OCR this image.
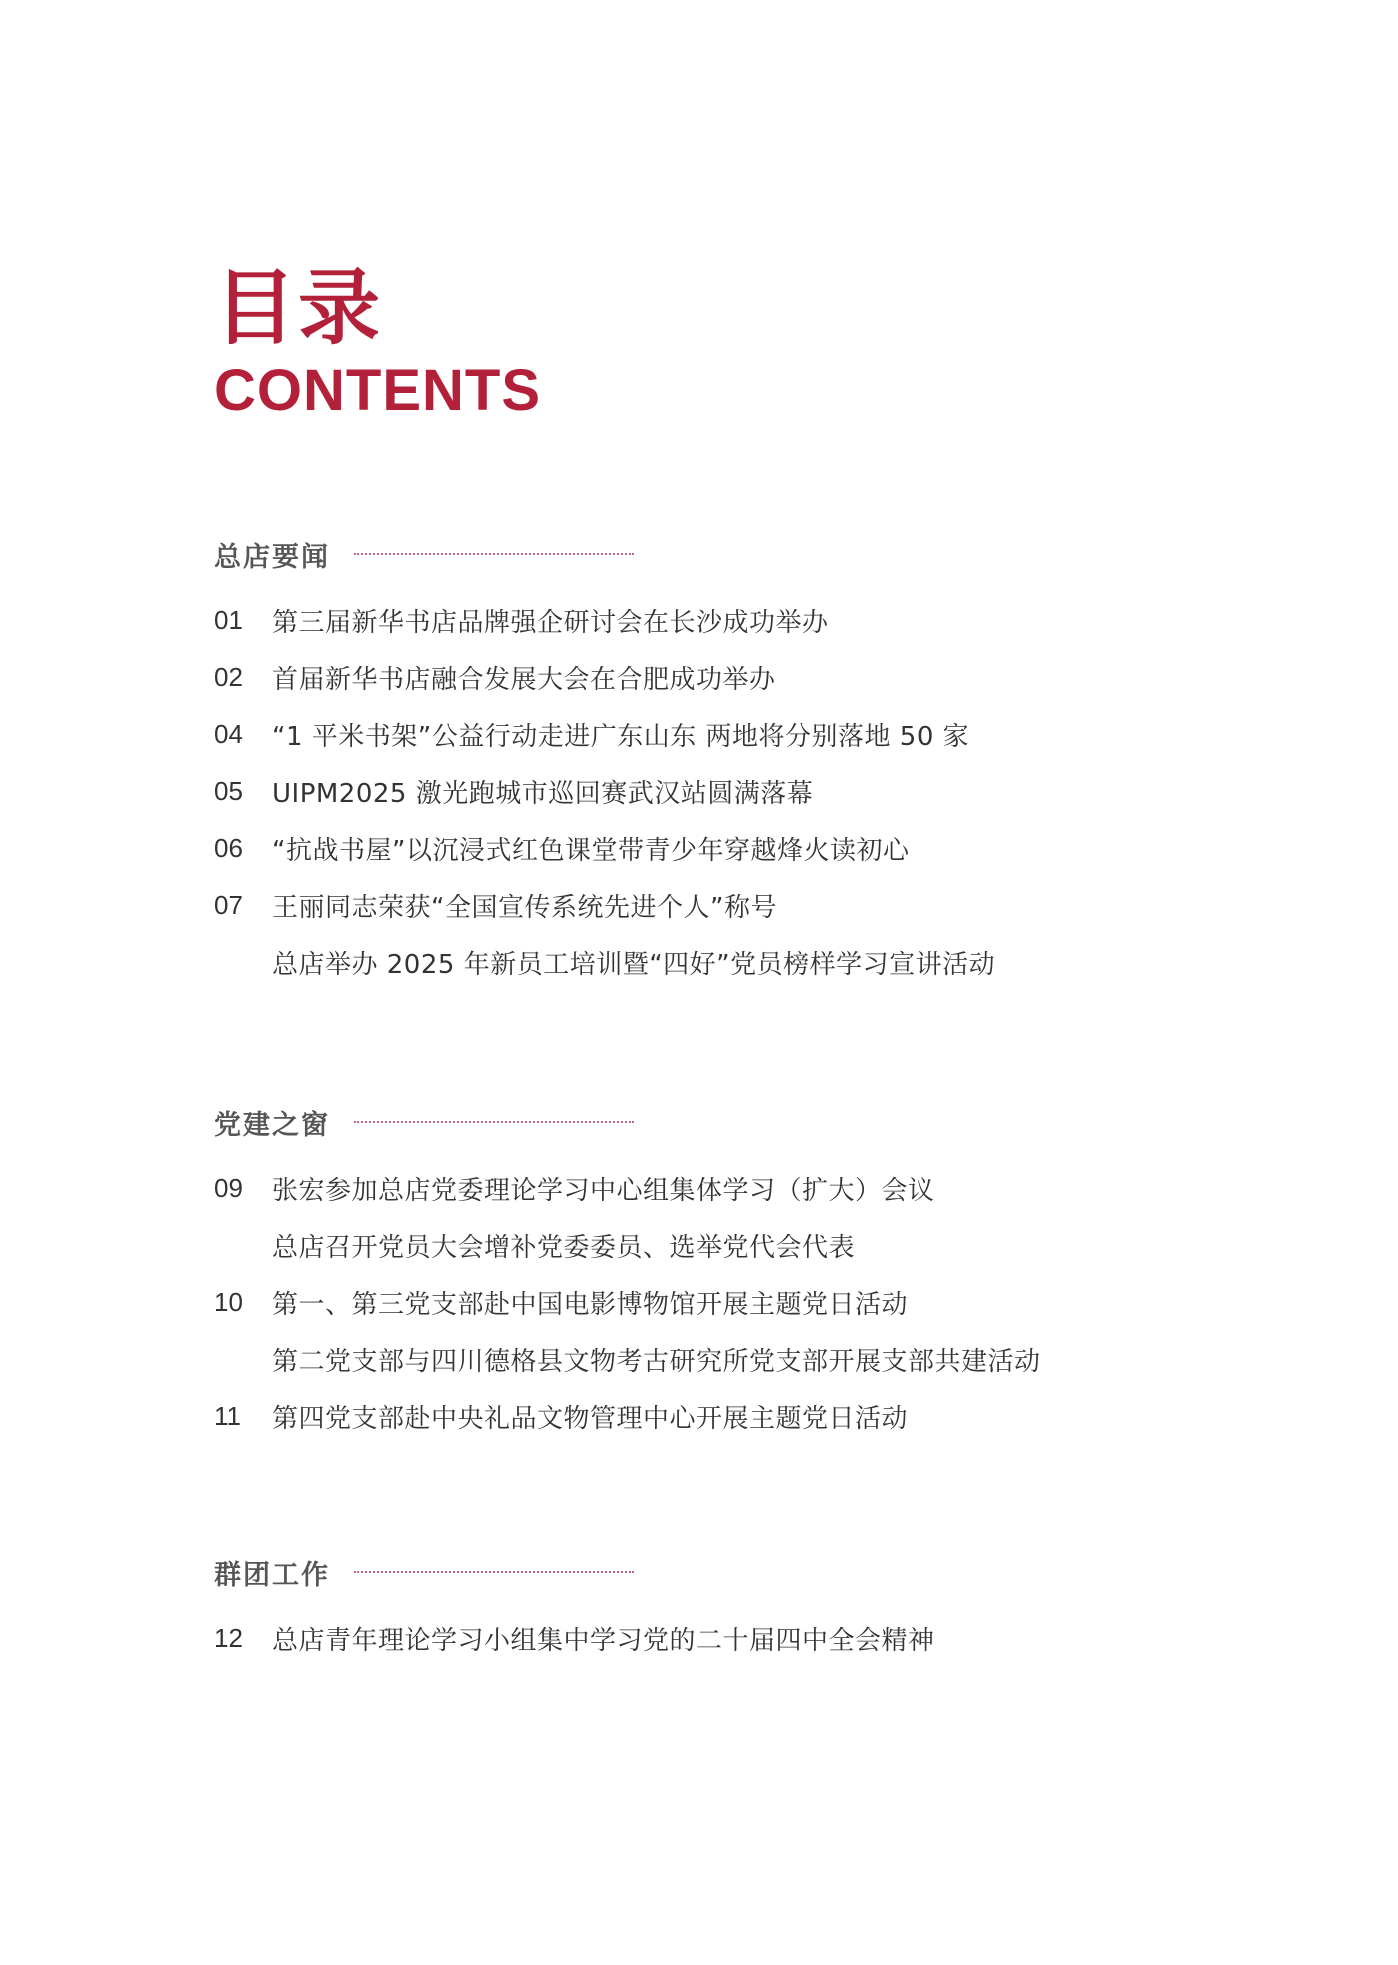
目录
CONTENTS
总店要闻
01	第三届新华书店品牌强企研讨会在长沙成功举办
02	首届新华书店融合发展大会在合肥成功举办
04	“1 平米书架”公益行动走进广东山东 两地将分别落地 50 家
05	UIPM2025 激光跑城市巡回赛武汉站圆满落幕
06	“抗战书屋”以沉浸式红色课堂带青少年穿越烽火读初心
07	王丽同志荣获“全国宣传系统先进个人”称号
总店举办 2025 年新员工培训暨“四好”党员榜样学习宣讲活动
党建之窗
09	张宏参加总店党委理论学习中心组集体学习（扩大）会议
总店召开党员大会增补党委委员、选举党代会代表
10	第一、第三党支部赴中国电影博物馆开展主题党日活动
第二党支部与四川德格县文物考古研究所党支部开展支部共建活动
11	第四党支部赴中央礼品文物管理中心开展主题党日活动
群团工作
12	总店青年理论学习小组集中学习党的二十届四中全会精神
